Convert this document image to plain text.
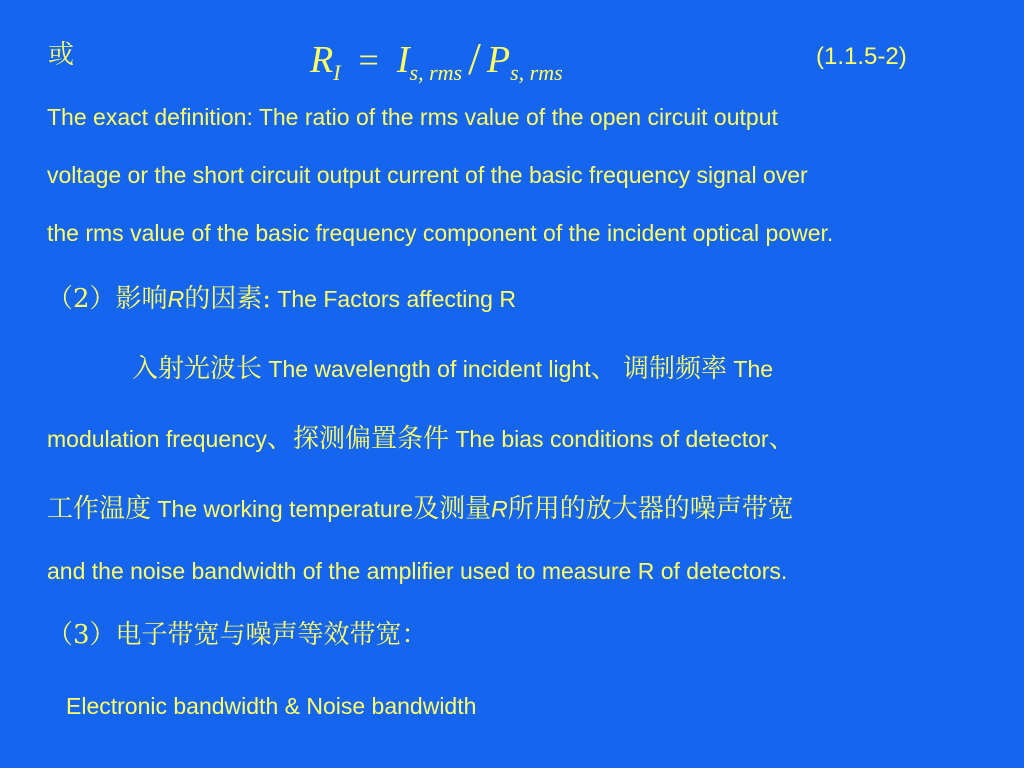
或	RI = Is, rms / Ps, rms
(1.1.5-2)
The exact definition: The ratio of the rms value of the open circuit output
voltage or the short circuit output current of the basic frequency signal over
the rms value of the basic frequency component of the incident optical power.
（2）影响R的因素: The Factors affecting R
入射光波长 The wavelength of incident light、 调制频率 The
modulation frequency、探测偏置条件 The bias conditions of detector、
工作温度 The working temperature及测量R所用的放大器的噪声带宽
and the noise bandwidth of the amplifier used to measure R of detectors.
（3）电子带宽与噪声等效带宽：
Electronic bandwidth & Noise bandwidth
